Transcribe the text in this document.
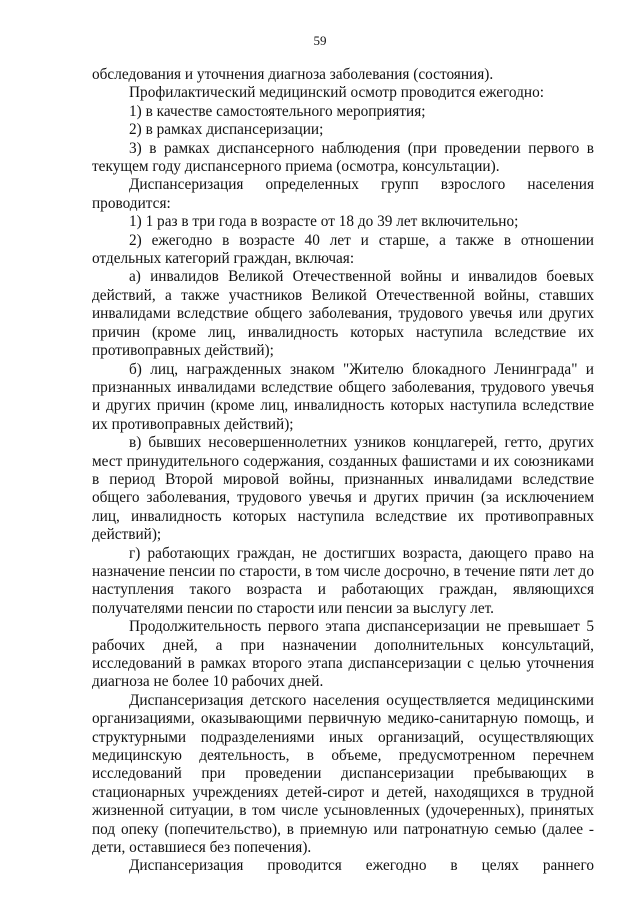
59

обследования и уточнения диагноза заболевания (состояния).

Профилактический медицинский осмотр проводится ежегодно:

1) в качестве самостоятельного мероприятия;

2) в рамках диспансеризации;

3) в рамках диспансерного наблюдения (при проведении первого в текущем году диспансерного приема (осмотра, консультации).

Диспансеризация определенных групп взрослого населения проводится:

1) 1 раз в три года в возрасте от 18 до 39 лет включительно;

2) ежегодно в возрасте 40 лет и старше, а также в отношении отдельных категорий граждан, включая:

а) инвалидов Великой Отечественной войны и инвалидов боевых действий, а также участников Великой Отечественной войны, ставших инвалидами вследствие общего заболевания, трудового увечья или других причин (кроме лиц, инвалидность которых наступила вследствие их противоправных действий);

б) лиц, награжденных знаком "Жителю блокадного Ленинграда" и признанных инвалидами вследствие общего заболевания, трудового увечья и других причин (кроме лиц, инвалидность которых наступила вследствие их противоправных действий);

в) бывших несовершеннолетних узников концлагерей, гетто, других мест принудительного содержания, созданных фашистами и их союзниками в период Второй мировой войны, признанных инвалидами вследствие общего заболевания, трудового увечья и других причин (за исключением лиц, инвалидность которых наступила вследствие их противоправных действий);

г) работающих граждан, не достигших возраста, дающего право на назначение пенсии по старости, в том числе досрочно, в течение пяти лет до наступления такого возраста и работающих граждан, являющихся получателями пенсии по старости или пенсии за выслугу лет.

Продолжительность первого этапа диспансеризации не превышает 5 рабочих дней, а при назначении дополнительных консультаций, исследований в рамках второго этапа диспансеризации с целью уточнения диагноза не более 10 рабочих дней.

Диспансеризация детского населения осуществляется медицинскими организациями, оказывающими первичную медико-санитарную помощь, и структурными подразделениями иных организаций, осуществляющих медицинскую деятельность, в объеме, предусмотренном перечнем исследований при проведении диспансеризации пребывающих в стационарных учреждениях детей-сирот и детей, находящихся в трудной жизненной ситуации, в том числе усыновленных (удочеренных), принятых под опеку (попечительство), в приемную или патронатную семью (далее - дети, оставшиеся без попечения).

Диспансеризация проводится ежегодно в целях раннего
